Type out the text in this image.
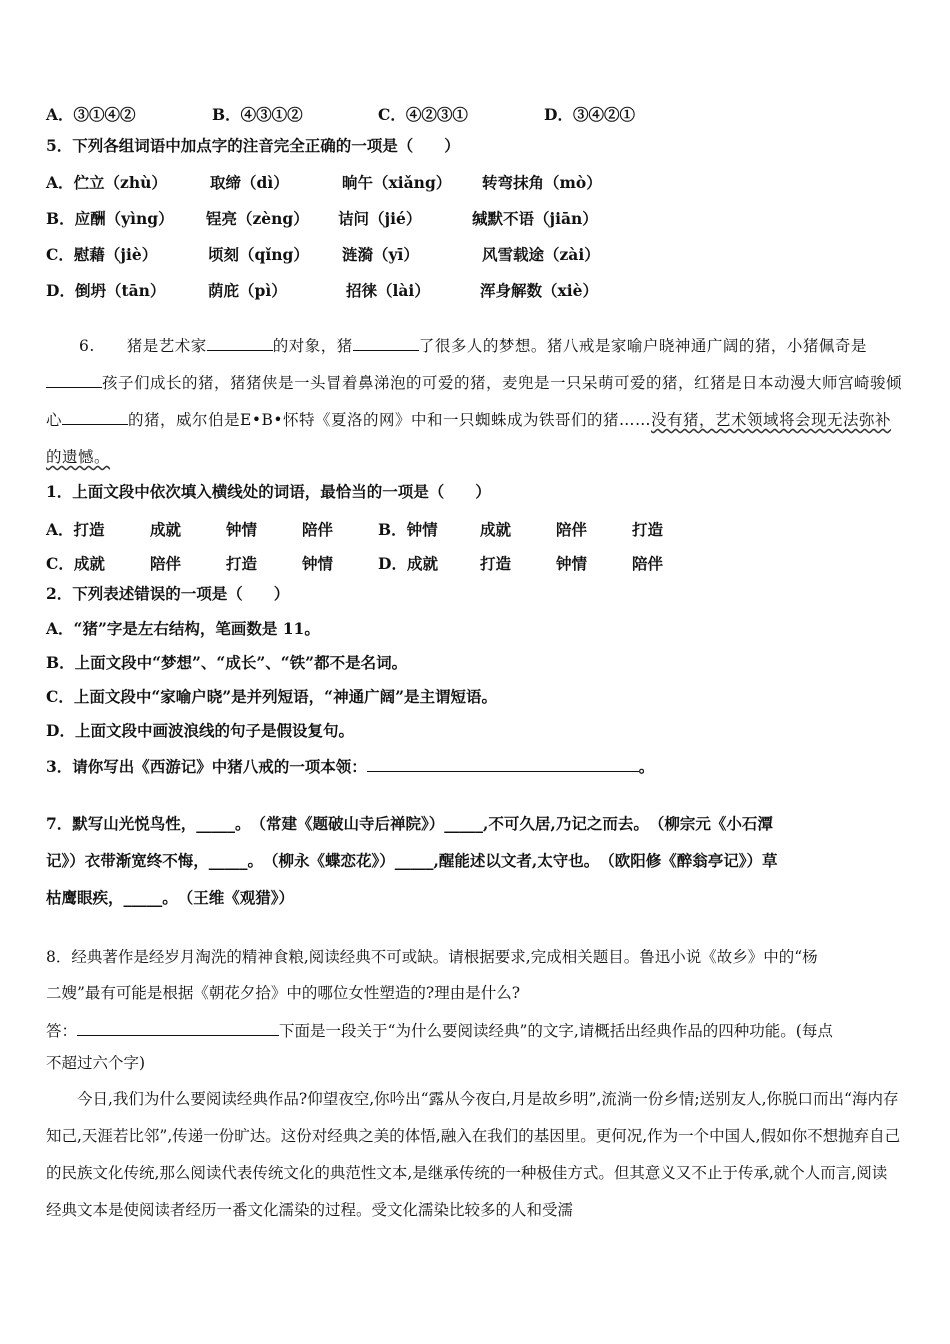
A．③①④②	B．④③①②	C．④②③①	D．③④②①
5．下列各组词语中加点字的注音完全正确的一项是（　　）
A．伫立（zhù）	取缔（dì）	晌午（xiǎng） 转弯抹角（mò）
B．应酬（yìng） 锃亮（zèng） 诘问（jié）	缄默不语（jiān）
C．慰藉（jiè）	顷刻（qǐng） 涟漪（yī）	风雪载途（zài）
D．倒坍（tān）	荫庇（pì）	招徕（lài）	浑身解数（xiè）
6.　　猪是艺术家	的对象，猪	了很多人的梦想。猪八戒是家喻户晓神通广阔的猪，小猪佩奇是孩子们成长的猪，猪猪侠是一头冒着鼻涕泡的可爱的猪，麦兜是一只呆萌可爱的猪，红猪是日本动漫大师宫崎骏倾心	的猪，威尔伯是E•B•怀特《夏洛的网》中和一只蜘蛛成为铁哥们的猪……没有猪，艺术领域将会现无法弥补的遗憾。
1．上面文段中依次填入横线处的词语，最恰当的一项是（　　）
A．打造	成就	钟情	陪伴	B．钟情	成就	陪伴	打造
C．成就	陪伴	打造	钟情	D．成就	打造	钟情	陪伴
2．下列表述错误的一项是（　　）
A．“猪”字是左右结构，笔画数是 11。
B．上面文段中“梦想”、“成长”、“铁”都不是名词。
C．上面文段中“家喻户晓”是并列短语，“神通广阔”是主谓短语。
D．上面文段中画波浪线的句子是假设复句。
3．请你写出《西游记》中猪八戒的一项本领：	。
7．默写山光悦鸟性，_____。　（常建《题破山寺后禅院》）_____,不可久居,乃记之而去。　（柳宗元《小石潭
记》）衣带渐宽终不悔，_____。　（柳永《蝶恋花》）_____,醒能述以文者,太守也。　（欧阳修《醉翁亭记》）草
枯鹰眼疾，_____。　（王维《观猎》）
8．经典著作是经岁月淘洗的精神食粮,阅读经典不可或缺。请根据要求,完成相关题目。鲁迅小说《故乡》中的“杨
二嫂”最有可能是根据《朝花夕拾》中的哪位女性塑造的?理由是什么?
答：	下面是一段关于“为什么要阅读经典”的文字,请概括出经典作品的四种功能。(每点
不超过六个字)
　　今日,我们为什么要阅读经典作品?仰望夜空,你吟出“露从今夜白,月是故乡明”,流淌一份乡情;送别友人,你脱口而出“海内存知己,天涯若比邻”,传递一份旷达。这份对经典之美的体悟,融入在我们的基因里。更何况,作为一个中国人,假如你不想抛弃自己的民族文化传统,那么阅读代表传统文化的典范性文本,是继承传统的一种极佳方式。但其意义又不止于传承,就个人而言,阅读经典文本是使阅读者经历一番文化濡染的过程。受文化濡染比较多的人和受濡
